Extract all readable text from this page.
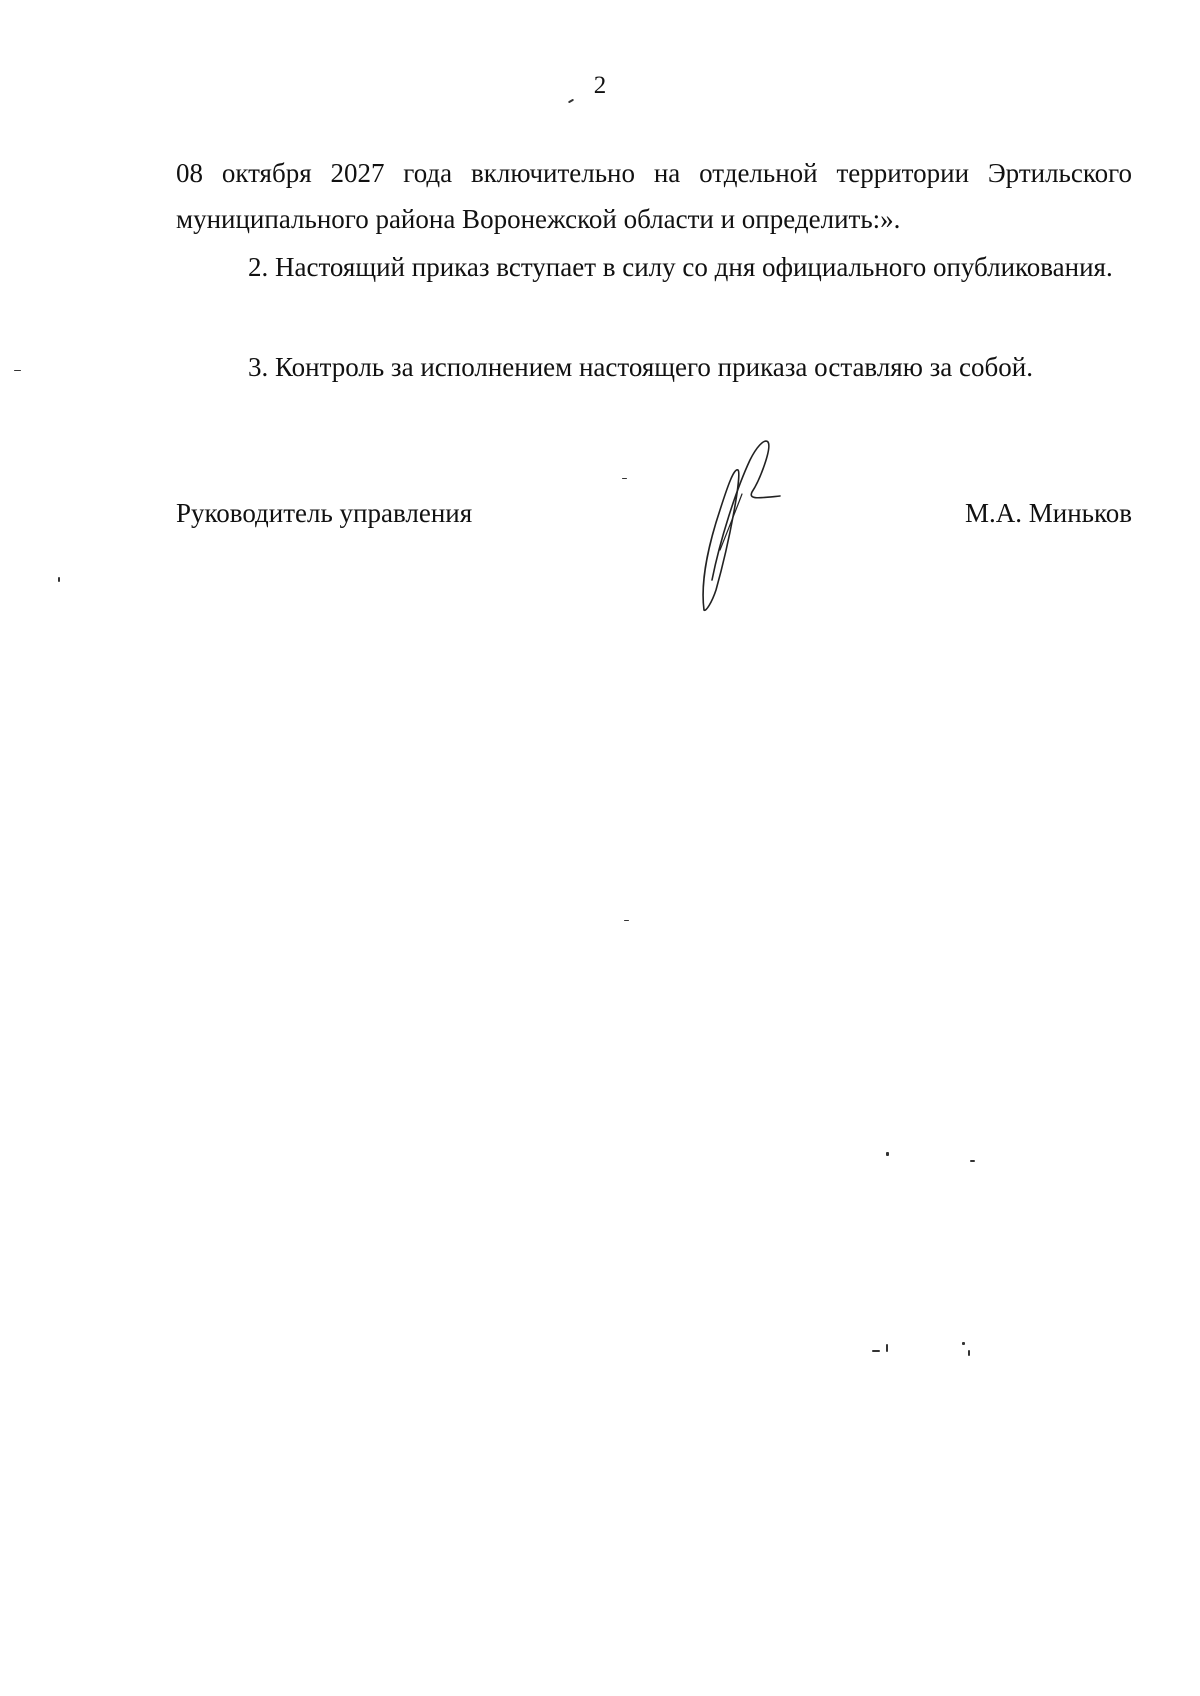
2
08 октября 2027 года включительно на отдельной территории Эртильского муниципального района Воронежской области и определить:».
2. Настоящий приказ вступает в силу со дня официального опубликования.
3. Контроль за исполнением настоящего приказа оставляю за собой.
Руководитель управления	М.А. Миньков
